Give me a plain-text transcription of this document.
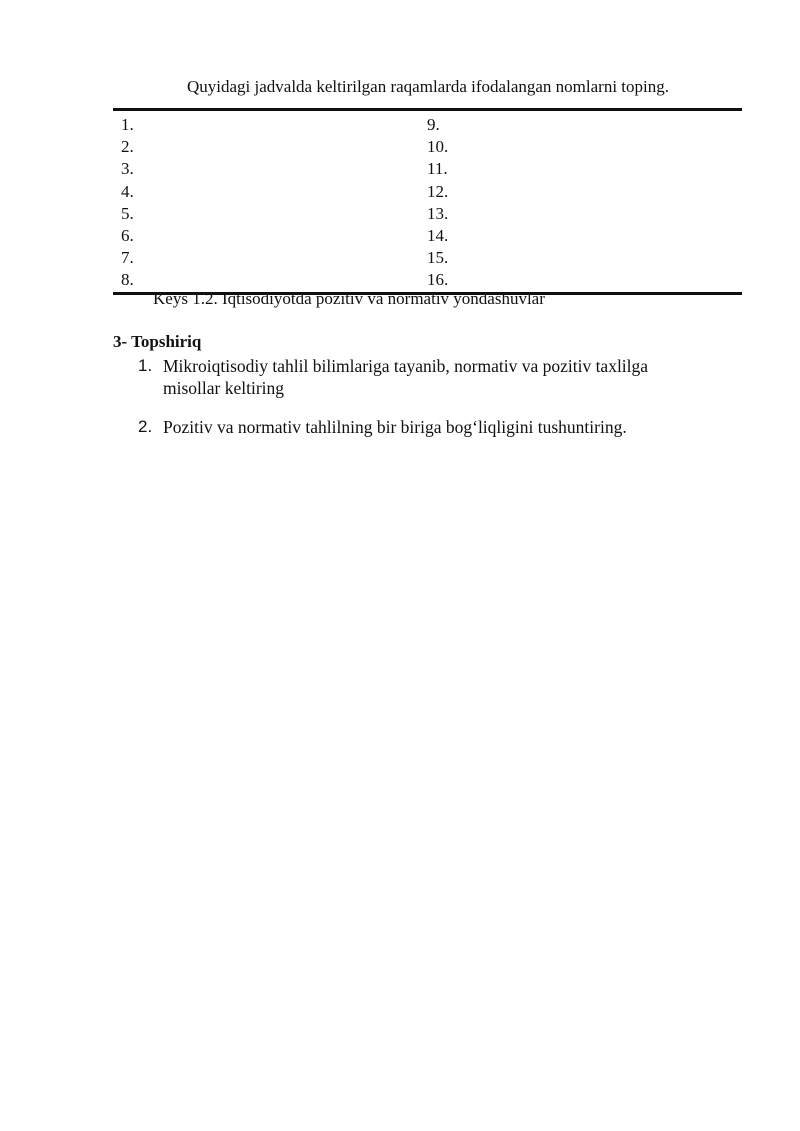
Quyidagi jadvalda keltirilgan raqamlarda ifodalangan nomlarni toping.
1.	9.
2.	10.
3.	11.
4.	12.
5.	13.
6.	14.
7.	15.
8.	16.
Keys 1.2. Iqtisodiyotda pozitiv va normativ yondashuvlar
3- Topshiriq
1. Mikroiqtisodiy tahlil bilimlariga tayanib, normativ va pozitiv taxlilga misollar keltiring
2. Pozitiv va normativ tahlilning bir biriga bog‘liqligini tushuntiring.
